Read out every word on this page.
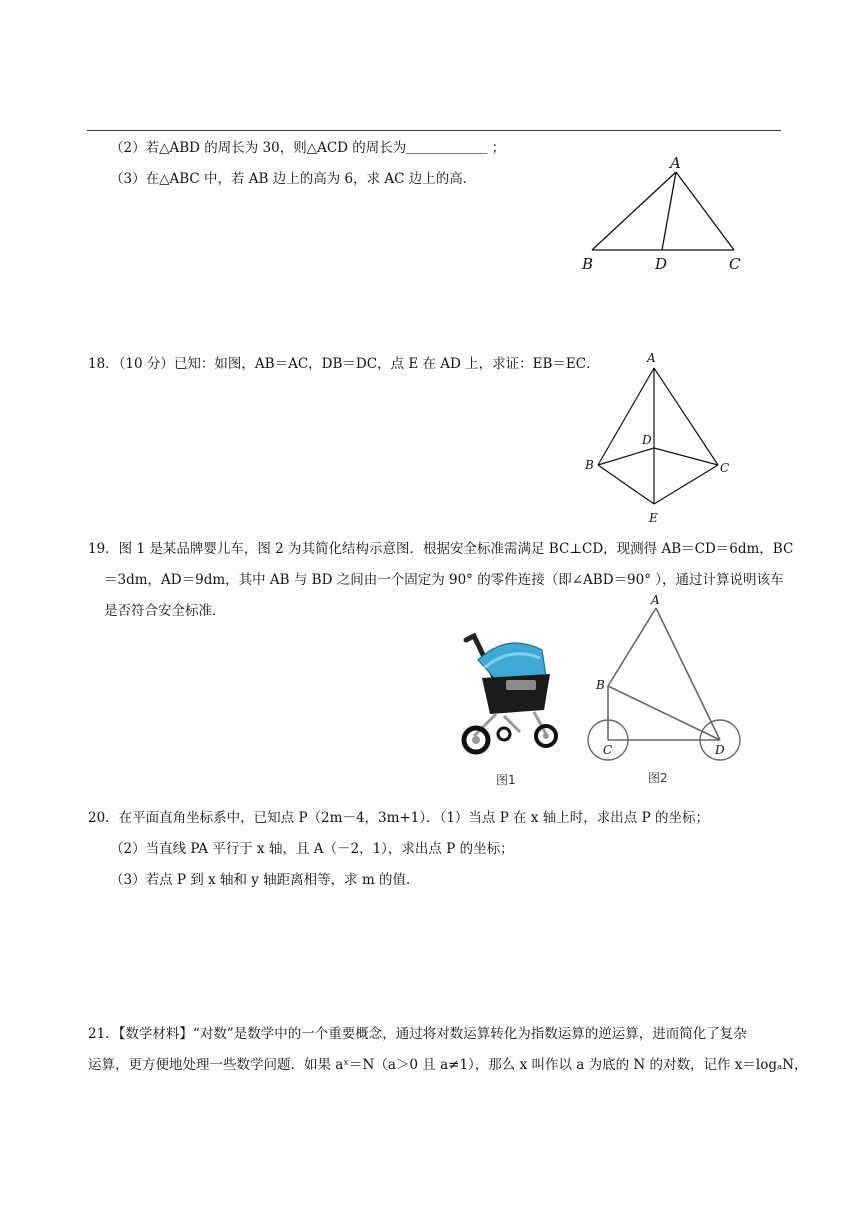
（2）若△ABD 的周长为 30，则△ACD 的周长为＿＿＿＿＿＿ ；
（3）在△ABC 中，若 AB 边上的高为 6，求 AC 边上的高．
A
B	D	C
18．（10 分）已知：如图，AB＝AC，DB＝DC，点 E 在 AD 上，求证：EB＝EC．	A
D
B	C
E
19．图 1 是某品牌婴儿车，图 2 为其简化结构示意图．根据安全标准需满足 BC⊥CD，现测得 AB＝CD＝6dm，BC
＝3dm，AD＝9dm，其中 AB 与 BD 之间由一个固定为 90° 的零件连接（即∠ABD＝90° ），通过计算说明该车
是否符合安全标准．
图1
A
B
C	D
图2
20．在平面直角坐标系中，已知点 P（2m－4，3m+1）．（1）当点 P 在 x 轴上时，求出点 P 的坐标；
（2）当直线 PA 平行于 x 轴，且 A（－2，1），求出点 P 的坐标；
（3）若点 P 到 x 轴和 y 轴距离相等，求 m 的值．
21．【数学材料】“对数”是数学中的一个重要概念，通过将对数运算转化为指数运算的逆运算，进而简化了复杂
运算，更方便地处理一些数学问题．如果 aˣ＝N（a＞0 且 a≠1），那么 x 叫作以 a 为底的 N 的对数，记作 x＝logₐN，
